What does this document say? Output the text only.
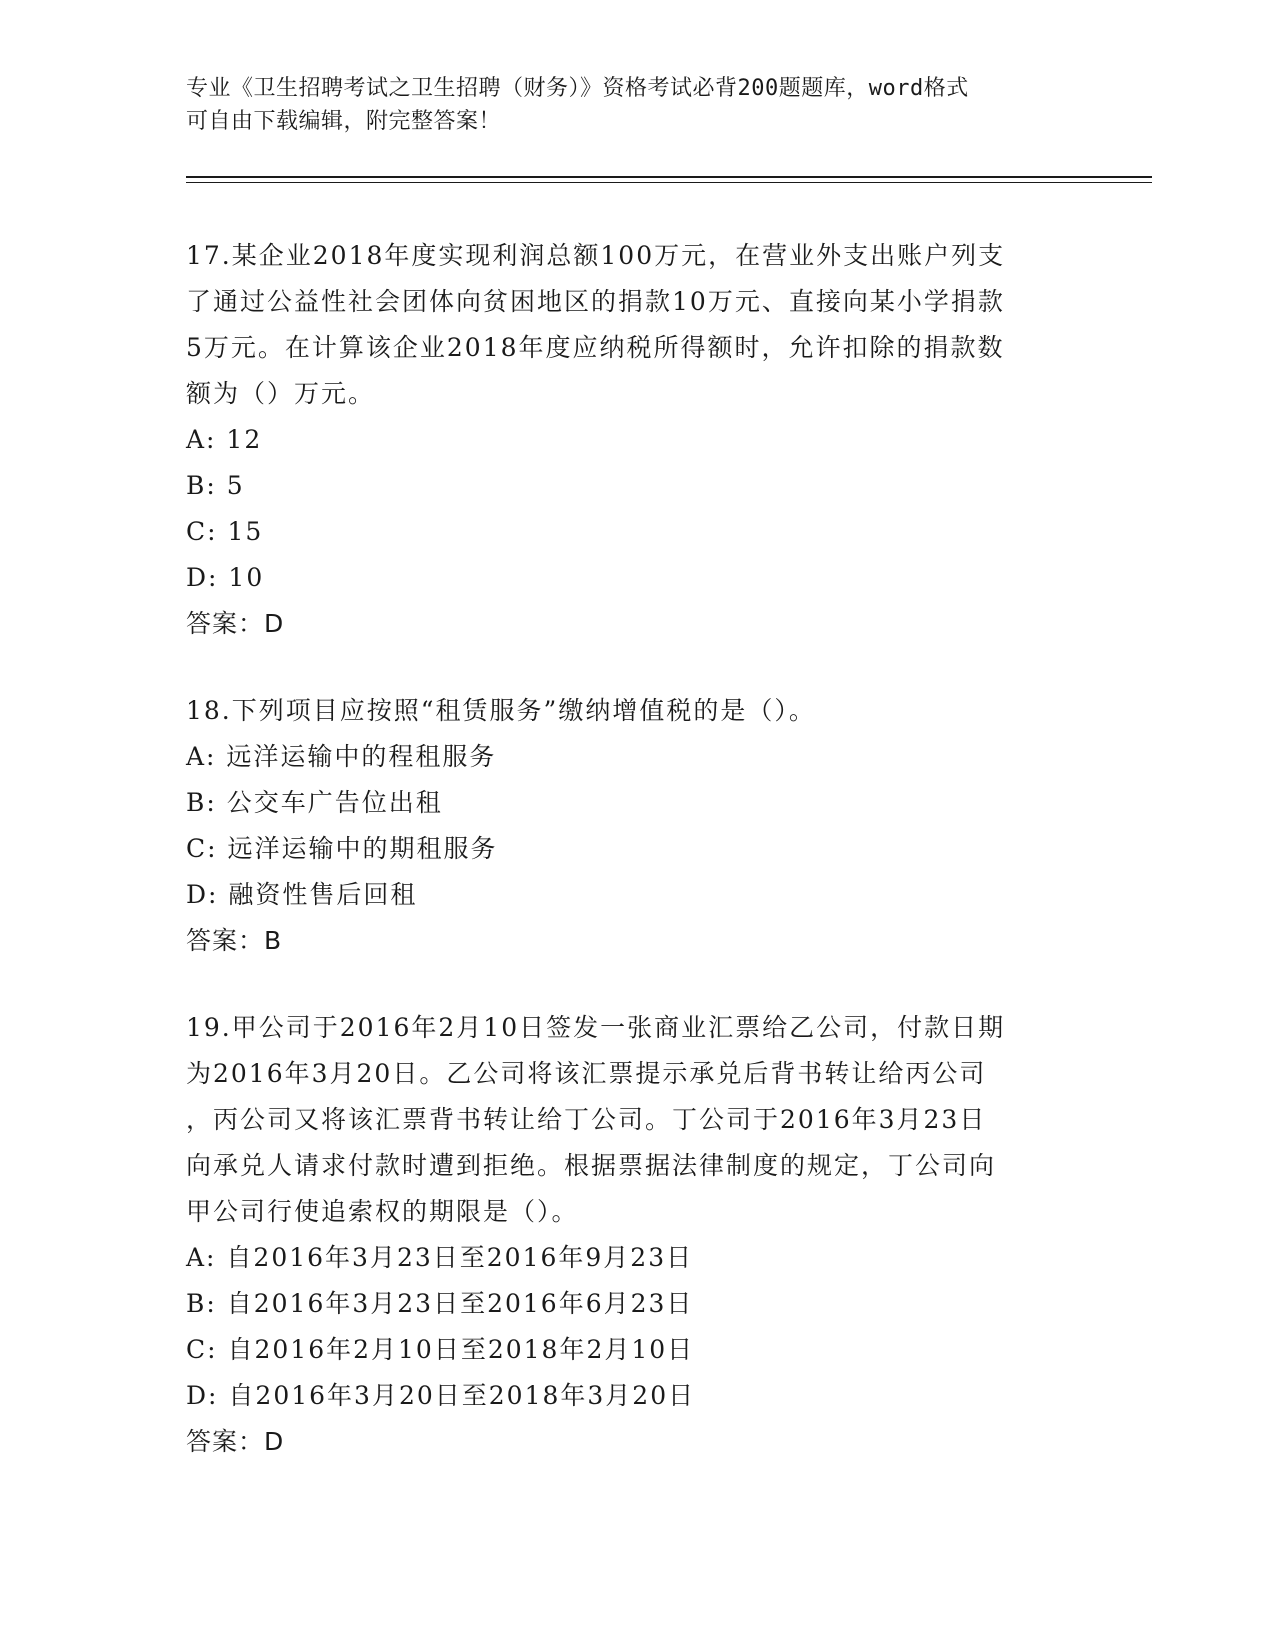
专业《卫生招聘考试之卫生招聘（财务）》资格考试必背200题题库，word格式
可自由下载编辑，附完整答案！
17.某企业2018年度实现利润总额100万元，在营业外支出账户列支
了通过公益性社会团体向贫困地区的捐款10万元、直接向某小学捐款
5万元。在计算该企业2018年度应纳税所得额时，允许扣除的捐款数
额为（）万元。
A: 12
B: 5
C: 15
D: 10
答案：D
18.下列项目应按照“租赁服务”缴纳增值税的是（）。
A: 远洋运输中的程租服务
B: 公交车广告位出租
C: 远洋运输中的期租服务
D: 融资性售后回租
答案：B
19.甲公司于2016年2月10日签发一张商业汇票给乙公司，付款日期
为2016年3月20日。乙公司将该汇票提示承兑后背书转让给丙公司
，丙公司又将该汇票背书转让给丁公司。丁公司于2016年3月23日
向承兑人请求付款时遭到拒绝。根据票据法律制度的规定，丁公司向
甲公司行使追索权的期限是（）。
A: 自2016年3月23日至2016年9月23日
B: 自2016年3月23日至2016年6月23日
C: 自2016年2月10日至2018年2月10日
D: 自2016年3月20日至2018年3月20日
答案：D
